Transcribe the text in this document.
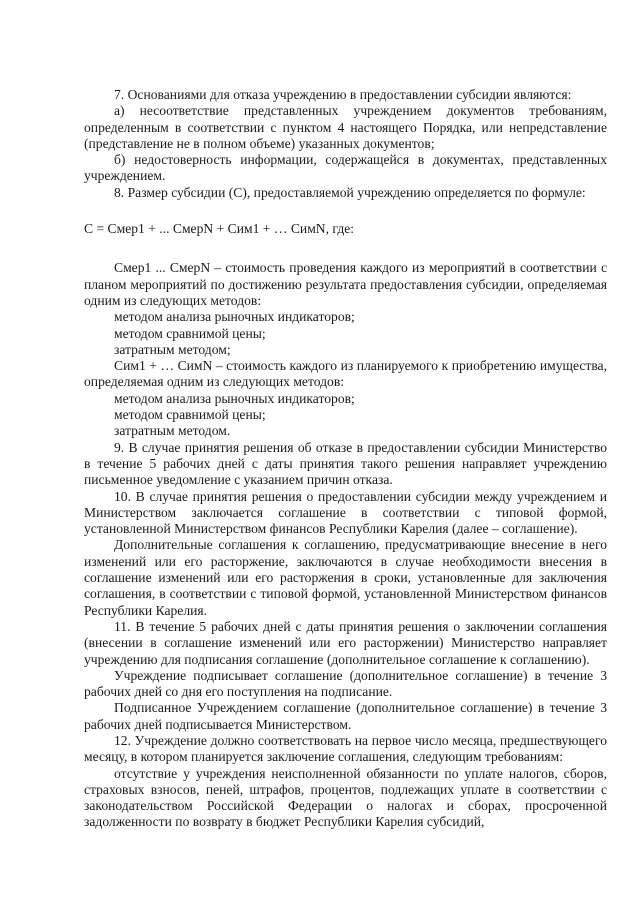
7. Основаниями для отказа учреждению в предоставлении субсидии являются:

а) несоответствие представленных учреждением документов требованиям, определенным в соответствии с пунктом 4 настоящего Порядка, или непредставление (представление не в полном объеме) указанных документов;

б) недостоверность информации, содержащейся в документах, представленных учреждением.

8. Размер субсидии (С), предоставляемой учреждению определяется по формуле:

С = Смер1 + ... СмерN + Сим1 + … СимN, где:

Смер1 ... СмерN – стоимость проведения каждого из мероприятий в соответствии с планом мероприятий по достижению результата предоставления субсидии, определяемая одним из следующих методов:

методом анализа рыночных индикаторов;

методом сравнимой цены;

затратным методом;

Сим1 + … СимN – стоимость каждого из планируемого к приобретению имущества, определяемая одним из следующих методов:

методом анализа рыночных индикаторов;

методом сравнимой цены;

затратным методом.

9. В случае принятия решения об отказе в предоставлении субсидии Министерство в течение 5 рабочих дней с даты принятия такого решения направляет учреждению письменное уведомление с указанием причин отказа.

10. В случае принятия решения о предоставлении субсидии между учреждением и Министерством заключается соглашение в соответствии с типовой формой, установленной Министерством финансов Республики Карелия (далее – соглашение).

Дополнительные соглашения к соглашению, предусматривающие внесение в него изменений или его расторжение, заключаются в случае необходимости внесения в соглашение изменений или его расторжения в сроки, установленные для заключения соглашения, в соответствии с типовой формой, установленной Министерством финансов Республики Карелия.

11. В течение 5 рабочих дней с даты принятия решения о заключении соглашения (внесении в соглашение изменений или его расторжении) Министерство направляет учреждению для подписания соглашение (дополнительное соглашение к соглашению).

Учреждение подписывает соглашение (дополнительное соглашение) в течение 3 рабочих дней со дня его поступления на подписание.

Подписанное Учреждением соглашение (дополнительное соглашение) в течение 3 рабочих дней подписывается Министерством.

12. Учреждение должно соответствовать на первое число месяца, предшествующего месяцу, в котором планируется заключение соглашения, следующим требованиям:

отсутствие у учреждения неисполненной обязанности по уплате налогов, сборов, страховых взносов, пеней, штрафов, процентов, подлежащих уплате в соответствии с законодательством Российской Федерации о налогах и сборах, просроченной задолженности по возврату в бюджет Республики Карелия субсидий,
